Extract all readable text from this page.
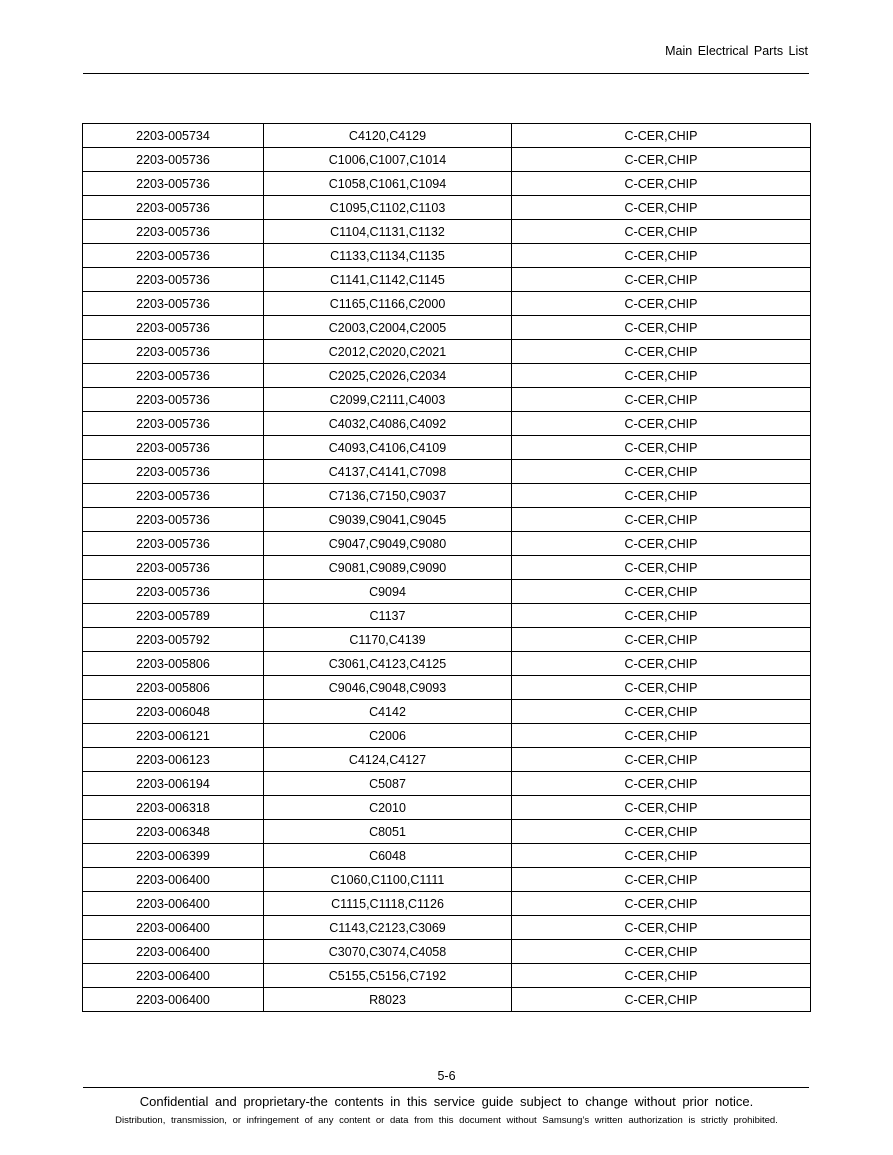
Main Electrical Parts List
2203-005734	C4120,C4129	C-CER,CHIP
2203-005736	C1006,C1007,C1014	C-CER,CHIP
2203-005736	C1058,C1061,C1094	C-CER,CHIP
2203-005736	C1095,C1102,C1103	C-CER,CHIP
2203-005736	C1104,C1131,C1132	C-CER,CHIP
2203-005736	C1133,C1134,C1135	C-CER,CHIP
2203-005736	C1141,C1142,C1145	C-CER,CHIP
2203-005736	C1165,C1166,C2000	C-CER,CHIP
2203-005736	C2003,C2004,C2005	C-CER,CHIP
2203-005736	C2012,C2020,C2021	C-CER,CHIP
2203-005736	C2025,C2026,C2034	C-CER,CHIP
2203-005736	C2099,C2111,C4003	C-CER,CHIP
2203-005736	C4032,C4086,C4092	C-CER,CHIP
2203-005736	C4093,C4106,C4109	C-CER,CHIP
2203-005736	C4137,C4141,C7098	C-CER,CHIP
2203-005736	C7136,C7150,C9037	C-CER,CHIP
2203-005736	C9039,C9041,C9045	C-CER,CHIP
2203-005736	C9047,C9049,C9080	C-CER,CHIP
2203-005736	C9081,C9089,C9090	C-CER,CHIP
2203-005736	C9094	C-CER,CHIP
2203-005789	C1137	C-CER,CHIP
2203-005792	C1170,C4139	C-CER,CHIP
2203-005806	C3061,C4123,C4125	C-CER,CHIP
2203-005806	C9046,C9048,C9093	C-CER,CHIP
2203-006048	C4142	C-CER,CHIP
2203-006121	C2006	C-CER,CHIP
2203-006123	C4124,C4127	C-CER,CHIP
2203-006194	C5087	C-CER,CHIP
2203-006318	C2010	C-CER,CHIP
2203-006348	C8051	C-CER,CHIP
2203-006399	C6048	C-CER,CHIP
2203-006400	C1060,C1100,C1111	C-CER,CHIP
2203-006400	C1115,C1118,C1126	C-CER,CHIP
2203-006400	C1143,C2123,C3069	C-CER,CHIP
2203-006400	C3070,C3074,C4058	C-CER,CHIP
2203-006400	C5155,C5156,C7192	C-CER,CHIP
2203-006400	R8023	C-CER,CHIP
5-6
Confidential and proprietary-the contents in this service guide subject to change without prior notice.
Distribution, transmission, or infringement of any content or data from this document without Samsung’s written authorization is strictly prohibited.
